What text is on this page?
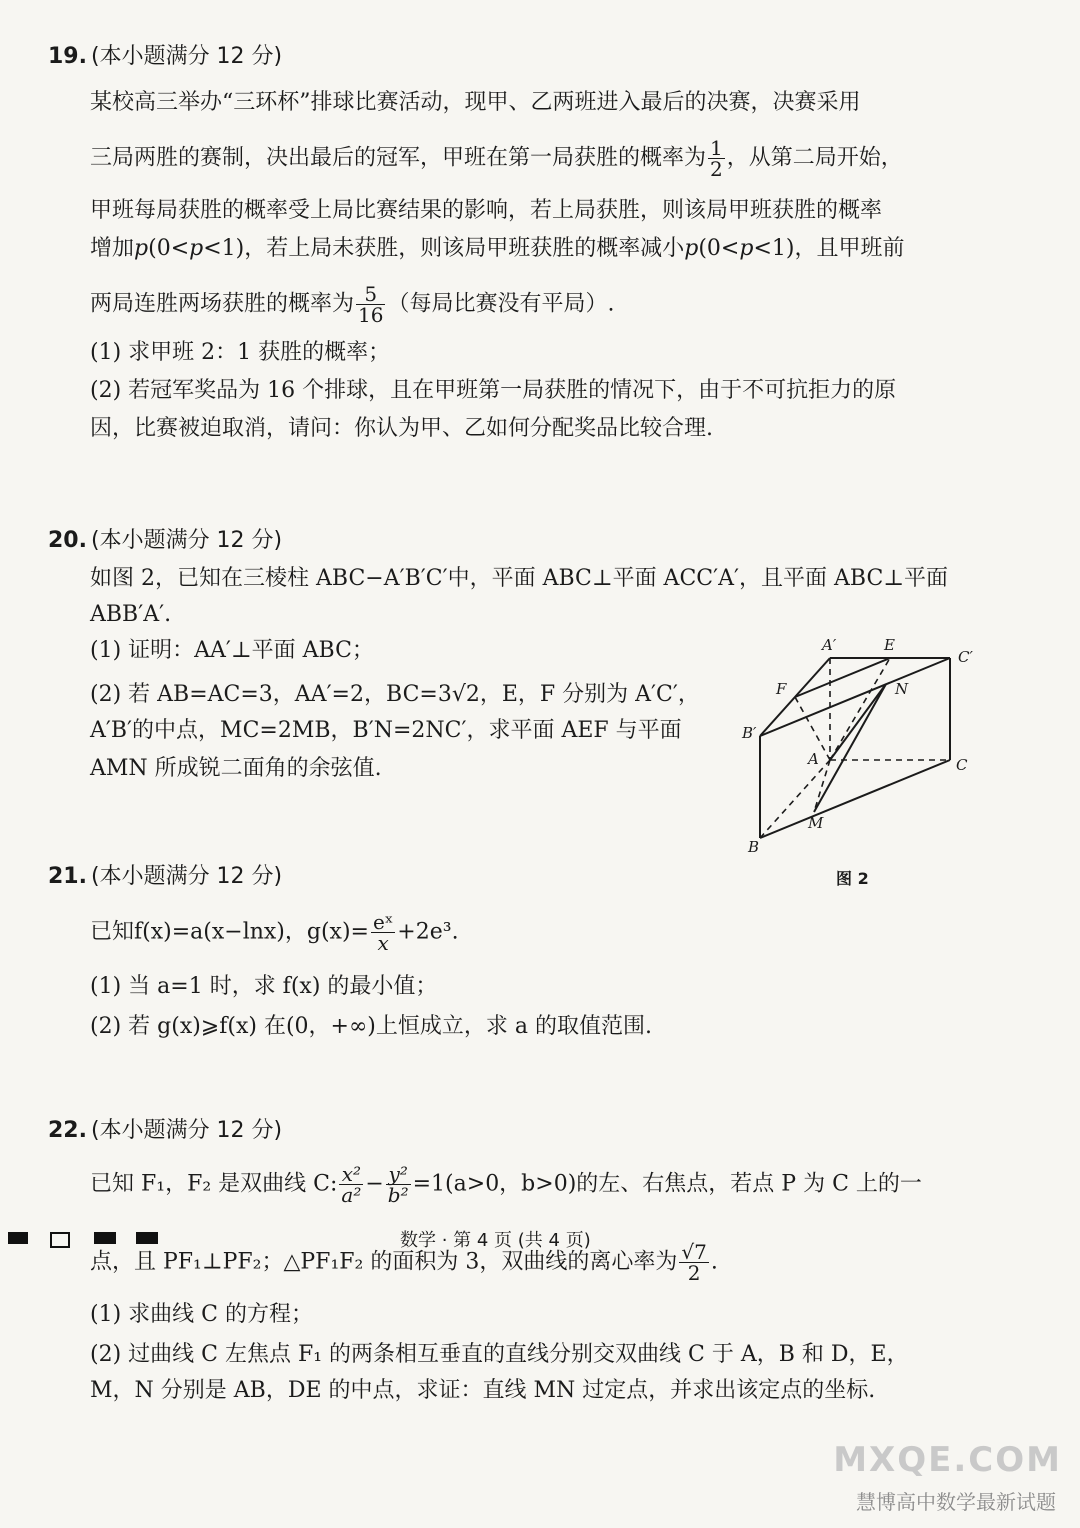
19. (本小题满分 12 分)
某校高三举办“三环杯”排球比赛活动，现甲、乙两班进入最后的决赛，决赛采用
三局两胜的赛制，决出最后的冠军，甲班在第一局获胜的概率为 $\frac{1}{2}$ ，从第二局开始，
甲班每局获胜的概率受上局比赛结果的影响，若上局获胜，则该局甲班获胜的概率
增加p(0<p<1)，若上局未获胜，则该局甲班获胜的概率减小p(0<p<1)，且甲班前
两局连胜两场获胜的概率为 $\frac{5}{16}$ （每局比赛没有平局）.
(1) 求甲班 2：1 获胜的概率；
(2) 若冠军奖品为 16 个排球，且在甲班第一局获胜的情况下，由于不可抗拒力的原
因，比赛被迫取消，请问：你认为甲、乙如何分配奖品比较合理.
20. (本小题满分 12 分)
如图 2，已知在三棱柱 ABC−A′B′C′中，平面 ABC⊥平面 ACC′A′，且平面 ABC⊥平面
ABB′A′.
(1) 证明：AA′⊥平面 ABC；
(2) 若 AB=AC=3，AA′=2，BC=3√2，E，F 分别为 A′C′，
A′B′的中点，MC=2MB，B′N=2NC′，求平面 AEF 与平面
AMN 所成锐二面角的余弦值.
A′	E
C′
F	N
B′
A	C
M
B
图 2
21. (本小题满分 12 分)
已知f(x)=a(x−lnx)，$g(x)= \frac{\text{eˣ}}{x} +2e^3$.
(1) 当 a=1 时，求 f(x) 的最小值；
(2) 若 g(x)⩾f(x) 在(0，+∞)上恒成立，求 a 的取值范围.
22. (本小题满分 12 分)
已知 F₁，F₂ 是双曲线 C: $\frac{\text{x²}}{\text{a²}} - \frac{\text{y²}}{\text{b²}} =1(a>0$，b>0)的左、右焦点，若点 P 为 C 上的一
点，且 PF₁⊥PF₂；△PF₁F₂ 的面积为 3，双曲线的离心率为 $\frac{√7}{2}$ .
(1) 求曲线 C 的方程；
(2) 过曲线 C 左焦点 F₁ 的两条相互垂直的直线分别交双曲线 C 于 A，B 和 D，E，
M，N 分别是 AB，DE 的中点，求证：直线 MN 过定点，并求出该定点的坐标.
数学 · 第 4 页 (共 4 页)
MXQE.COM
慧博高中数学最新试题
